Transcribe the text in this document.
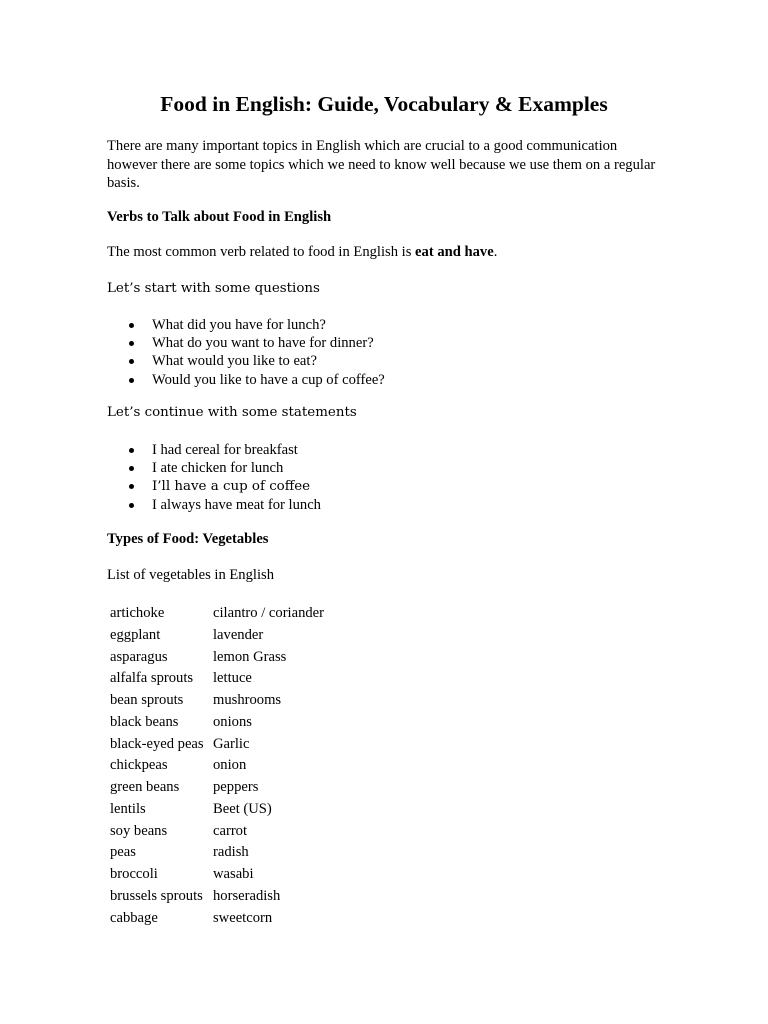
Food in English: Guide, Vocabulary & Examples

There are many important topics in English which are crucial to a good communication however there are some topics which we need to know well because we use them on a regular basis.

Verbs to Talk about Food in English

The most common verb related to food in English is eat and have.

Let’s start with some questions

What did you have for lunch?
What do you want to have for dinner?
What would you like to eat?
Would you like to have a cup of coffee?

Let’s continue with some statements

I had cereal for breakfast
I ate chicken for lunch
I’ll have a cup of coffee
I always have meat for lunch

Types of Food: Vegetables

List of vegetables in English

artichoke	cilantro / coriander
eggplant	lavender
asparagus	lemon Grass
alfalfa sprouts	lettuce
bean sprouts	mushrooms
black beans	onions
black-eyed peas	Garlic
chickpeas	onion
green beans	peppers
lentils	Beet (US)
soy beans	carrot
peas	radish
broccoli	wasabi
brussels sprouts	horseradish
cabbage	sweetcorn
